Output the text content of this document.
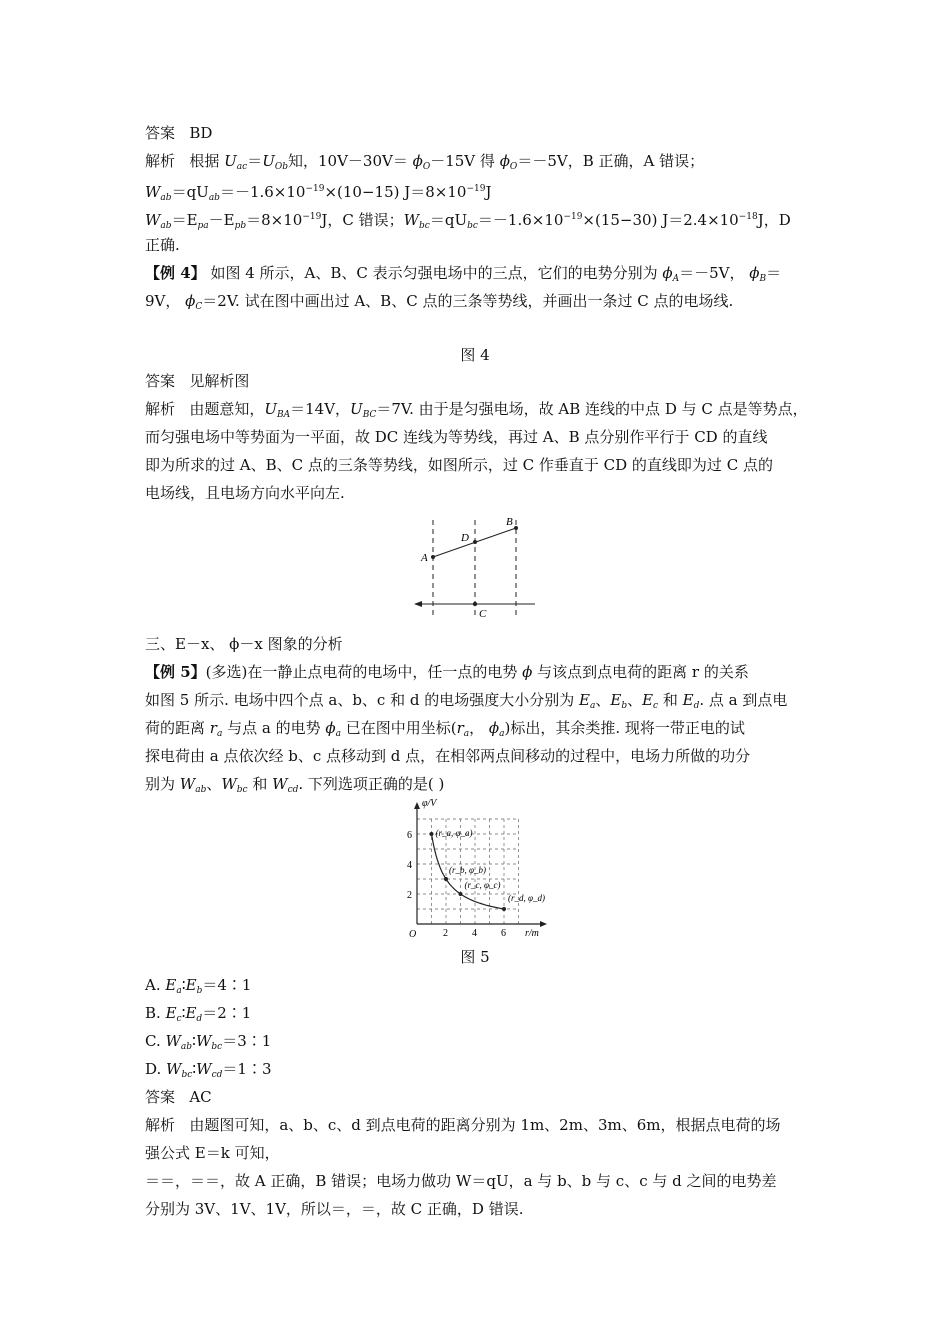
答案 BD
解析 根据 $U_{ac}=U_{Ob}$知，$10V-30V= \phi_O-15V$ 得 $\phi_O=-5V$，B 正确，A 错误；
$W_{ab}=qU_{ab}=-1.6\times 10^{-19}\times(10-15)$ $J=8\times 10^{-19}J$
$W_{ab}=E_{pa}-E_{pb}=8\times 10^{-19}J$，C 错误；$W_{bc}=qU_{bc}=-1.6\times 10^{-19}\times(15-30)$ $J=2.4\times 10^{-18}J$，D
正确.
【例 4】 如图 4 所示，A、B、C 表示匀强电场中的三点，它们的电势分别为 $\phi_A=-5V$， $\phi_B=$
9V， $\phi_C=2V$. 试在图中画出过 A、B、C 点的三条等势线，并画出一条过 C 点的电场线.
图 4
答案 见解析图
解析 由题意知，$U_{BA}=14V$，$U_{BC}=7V$. 由于是匀强电场，故 AB 连线的中点 D 与 C 点是等势点，
而匀强电场中等势面为一平面，故 DC 连线为等势线，再过 A、B 点分别作平行于 CD 的直线
即为所求的过 A、B、C 点的三条等势线，如图所示，过 C 作垂直于 CD 的直线即为过 C 点的
电场线，且电场方向水平向左.
A
B
C
D
三、E－x、 ϕ－x 图象的分析
【例 5】(多选)在一静止点电荷的电场中，任一点的电势 ϕ 与该点到点电荷的距离 r 的关系
如图 5 所示. 电场中四个点 a、b、c 和 d 的电场强度大小分别为 $E_a$、$E_b$、$E_c$ 和 $E_d$. 点 a 到点电
荷的距离 $r_a$ 与点 a 的电势 $\phi_a$ 已在图中用坐标($r_a$， $\phi_a$)标出，其余类推. 现将一带正电的试
探电荷由 a 点依次经 b、c 点移动到 d 点，在相邻两点间移动的过程中，电场力所做的功分
别为 $W_{ab}$、$W_{bc}$ 和 $W_{cd}$. 下列选项正确的是( )
φ/V
r/m
O	2 4 6
2
4
6	(r_a, φ_a)
(r_b, φ_b)
(r_c, φ_c)
(r_d, φ_d)
图 5
A. $E_a∶E_b=4∶1$
B. $E_c∶E_d=2∶1$
C. $W_{ab}∶W_{bc}=3∶1$
D. $W_{bc}∶W_{cd}=1∶3$
答案 AC
解析 由题图可知，a、b、c、d 到点电荷的距离分别为 1m、2m、3m、6m，根据点电荷的场
强公式 E＝k 可知，
＝＝，＝＝，故 A 正确，B 错误；电场力做功 W＝qU，a 与 b、b 与 c、c 与 d 之间的电势差
分别为 3V、1V、1V，所以＝，＝，故 C 正确，D 错误.
